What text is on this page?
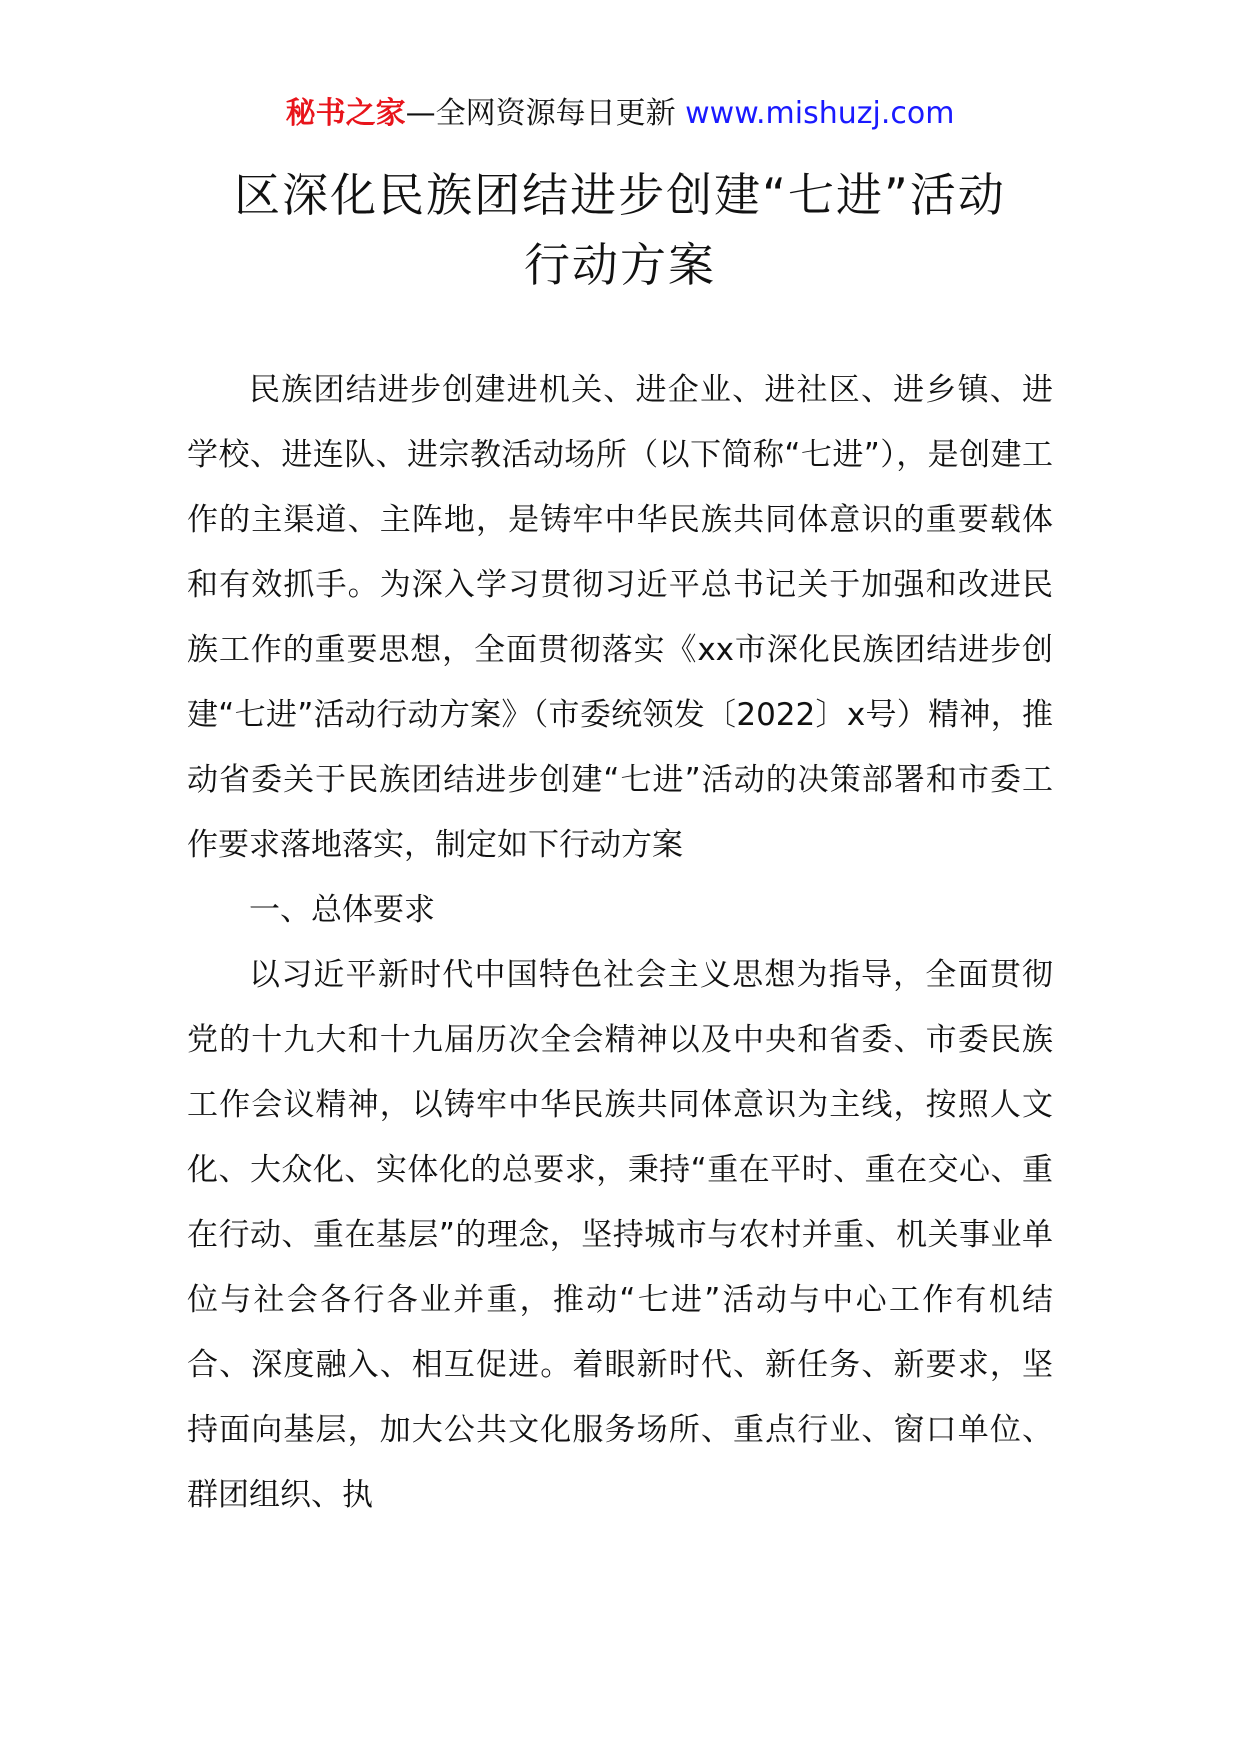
秘书之家—全网资源每日更新 www.mishuzj.com
区深化民族团结进步创建“七进”活动
行动方案

民族团结进步创建进机关、进企业、进社区、进乡镇、进学校、进连队、进宗教活动场所（以下简称“七进”），是创建工作的主渠道、主阵地，是铸牢中华民族共同体意识的重要载体和有效抓手。为深入学习贯彻习近平总书记关于加强和改进民族工作的重要思想，全面贯彻落实《xx市深化民族团结进步创建“七进”活动行动方案》（市委统领发〔2022〕x号）精神，推动省委关于民族团结进步创建“七进”活动的决策部署和市委工作要求落地落实，制定如下行动方案

一、总体要求

以习近平新时代中国特色社会主义思想为指导，全面贯彻党的十九大和十九届历次全会精神以及中央和省委、市委民族工作会议精神，以铸牢中华民族共同体意识为主线，按照人文化、大众化、实体化的总要求，秉持“重在平时、重在交心、重在行动、重在基层”的理念，坚持城市与农村并重、机关事业单位与社会各行各业并重，推动“七进”活动与中心工作有机结合、深度融入、相互促进。着眼新时代、新任务、新要求，坚持面向基层，加大公共文化服务场所、重点行业、窗口单位、群团组织、执
